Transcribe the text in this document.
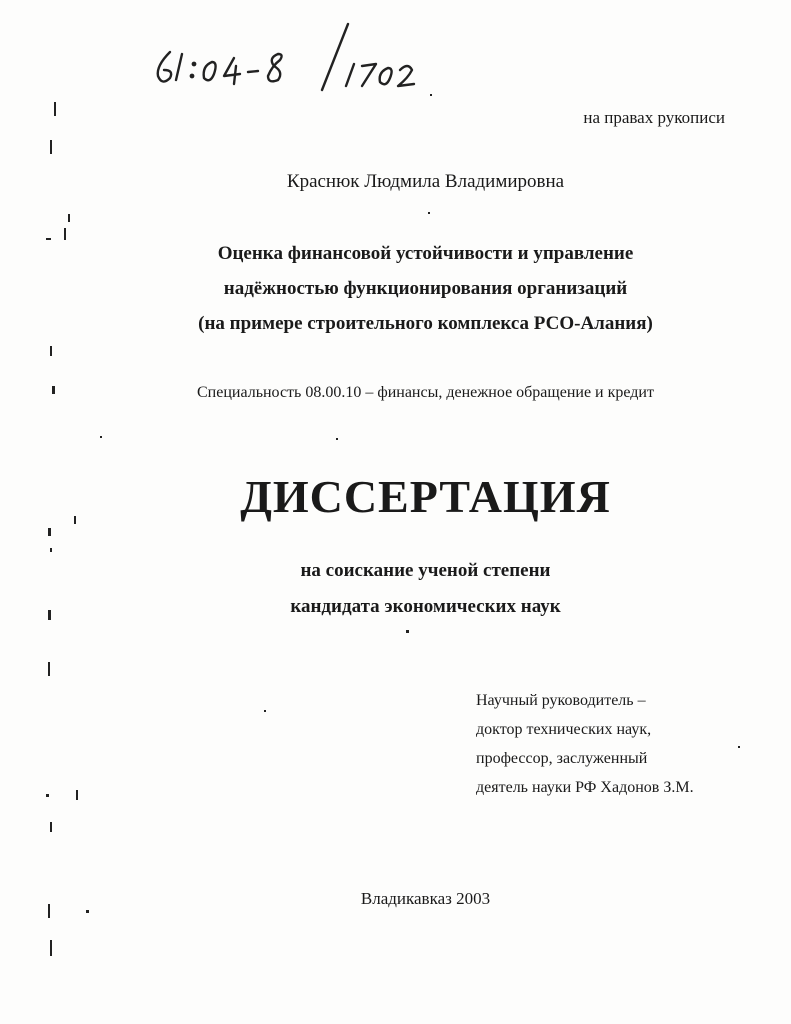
на правах рукописи
Краснюк Людмила Владимировна
Оценка финансовой устойчивости и управление
надёжностью функционирования организаций
(на примере строительного комплекса РСО-Алания)
Специальность 08.00.10 – финансы, денежное обращение и кредит
ДИССЕРТАЦИЯ
на соискание ученой степени
кандидата экономических наук
Научный руководитель –
доктор технических наук,
профессор, заслуженный
деятель науки РФ Хадонов З.М.
Владикавказ 2003
